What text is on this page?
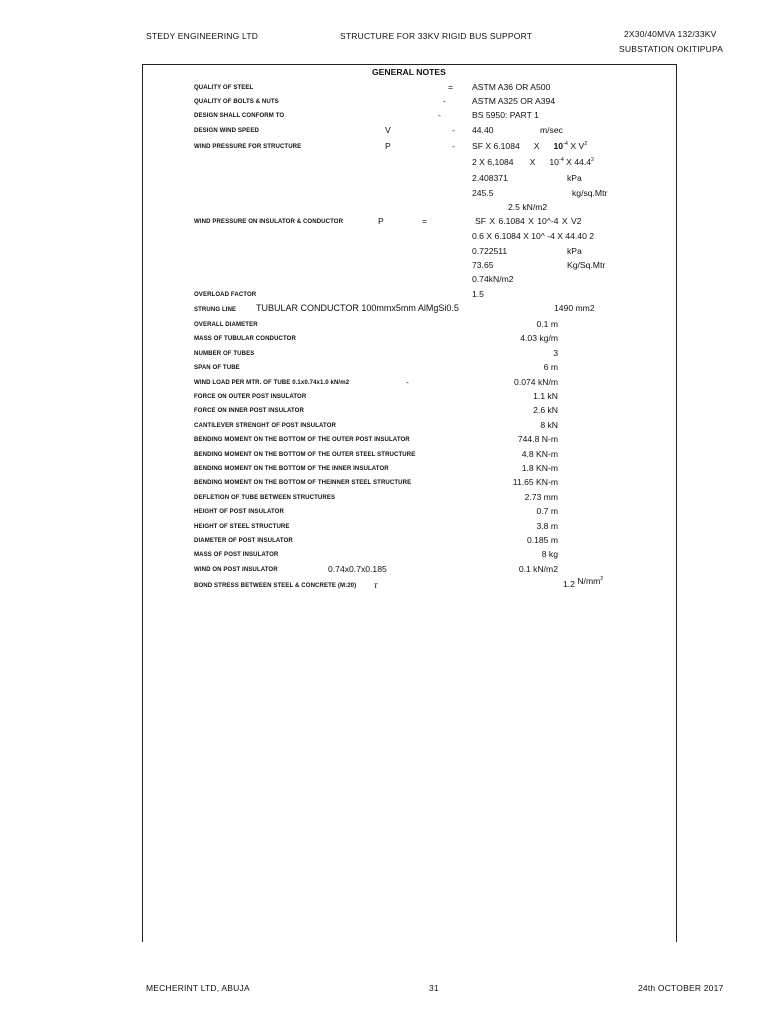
STEDY ENGINEERING LTD	STRUCTURE FOR 33KV RIGID BUS SUPPORT	2X30/40MVA 132/33KV
SUBSTATION OKITIPUPA
GENERAL NOTES
QUALITY OF STEEL	= ASTM A36 OR A500
QUALITY OF BOLTS & NUTS	-	ASTM A325 OR A394
DESIGN SHALL CONFORM TO	-	BS 5950: PART 1
DESIGN WIND SPEED	V	- 44.40	m/sec
WIND PRESSURE FOR STRUCTURE	P	- SF X 6.1084 X $10^{-4}$ X $V^2$
2 X 6,1084 X $10^{-4}$ X 44.4$^2$
2.408371	kPa
245.5	kg/sq.Mtr
2.5 kN/m2
WIND PRESSURE ON INSULATOR & CONDUCTOR	P	=	SF X 6.1084 X 10^-4 X V2
0.6 X 6.1084 X 10^ -4 X 44.40 2
0.722511	kPa
73.65	Kg/Sq.Mtr
0.74kN/m2
OVERLOAD FACTOR	1.5
STRUNG LINE TUBULAR CONDUCTOR 100mmx5mm AlMgSi0.5	1490 mm2
OVERALL DIAMETER	0.1 m
MASS OF TUBULAR CONDUCTOR	4.03 kg/m
NUMBER OF TUBES	3
SPAN OF TUBE	6 m
WIND LOAD PER MTR. OF TUBE 0.1x0.74x1.0 kN/m2	-	0.074 kN/m
FORCE ON OUTER POST INSULATOR	1.1 kN
FORCE ON INNER POST INSULATOR	2.6 kN
CANTILEVER STRENGHT OF POST INSULATOR	8 kN
BENDING MOMENT ON THE BOTTOM OF THE OUTER POST INSULATOR	744.8 N-m
BENDING MOMENT ON THE BOTTOM OF THE OUTER STEEL STRUCTURE	4.8 KN-m
BENDING MOMENT ON THE BOTTOM OF THE INNER INSULATOR	1.8 KN-m
BENDING MOMENT ON THE BOTTOM OF THEINNER STEEL STRUCTURE	11.65 KN-m
DEFLETION OF TUBE BETWEEN STRUCTURES	2.73 mm
HEIGHT OF POST INSULATOR	0.7 m
HEIGHT OF STEEL STRUCTURE	3.8 m
DIAMETER OF POST INSULATOR	0.185 m
MASS OF POST INSULATOR	8 kg
WIND ON POST INSULATOR	0.74x0.7x0.185	0.1 kN/m2
BOND STRESS BETWEEN STEEL & CONCRETE (M:20) τ	1.2 $N/mm^2$
MECHERINT LTD, ABUJA	31	24th OCTOBER 2017
